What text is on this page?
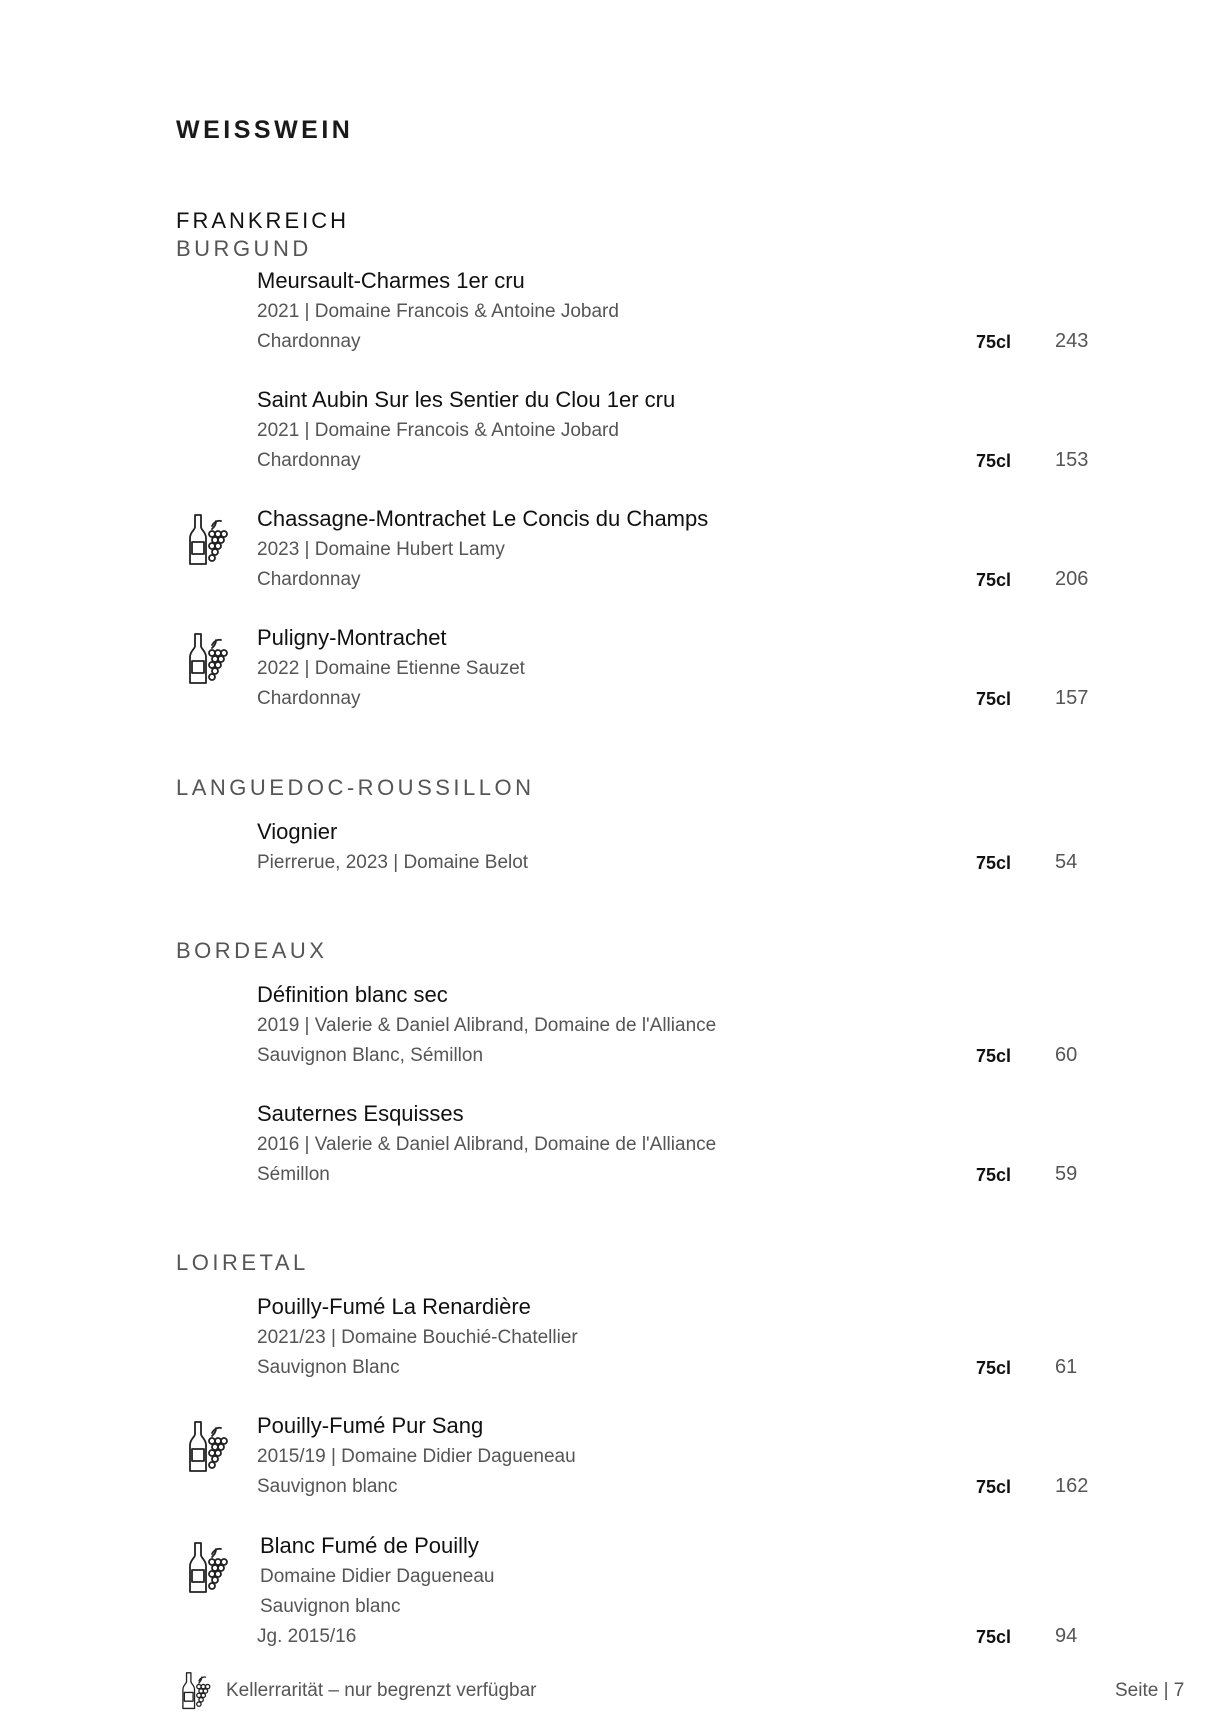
WEISSWEIN
FRANKREICH
BURGUND
Meursault-Charmes 1er cru
2021 | Domaine Francois & Antoine Jobard
Chardonnay	75cl 243
Saint Aubin Sur les Sentier du Clou 1er cru
2021 | Domaine Francois & Antoine Jobard
Chardonnay	75cl 153
Chassagne-Montrachet Le Concis du Champs
2023 | Domaine Hubert Lamy
Chardonnay	75cl 206
Puligny-Montrachet
2022 | Domaine Etienne Sauzet
Chardonnay	75cl 157
LANGUEDOC-ROUSSILLON
Viognier
Pierrerue, 2023 | Domaine Belot	75cl 54
BORDEAUX
Définition blanc sec
2019 | Valerie & Daniel Alibrand, Domaine de l'Alliance
Sauvignon Blanc, Sémillon	75cl 60
Sauternes Esquisses
2016 | Valerie & Daniel Alibrand, Domaine de l'Alliance
Sémillon	75cl 59
LOIRETAL
Pouilly-Fumé La Renardière
2021/23 | Domaine Bouchié-Chatellier
Sauvignon Blanc	75cl 61
Pouilly-Fumé Pur Sang
2015/19 | Domaine Didier Dagueneau
Sauvignon blanc	75cl 162
Blanc Fumé de Pouilly
Domaine Didier Dagueneau
Sauvignon blanc
Jg. 2015/16	75cl 94
Kellerrarität – nur begrenzt verfügbar	Seite | 7
